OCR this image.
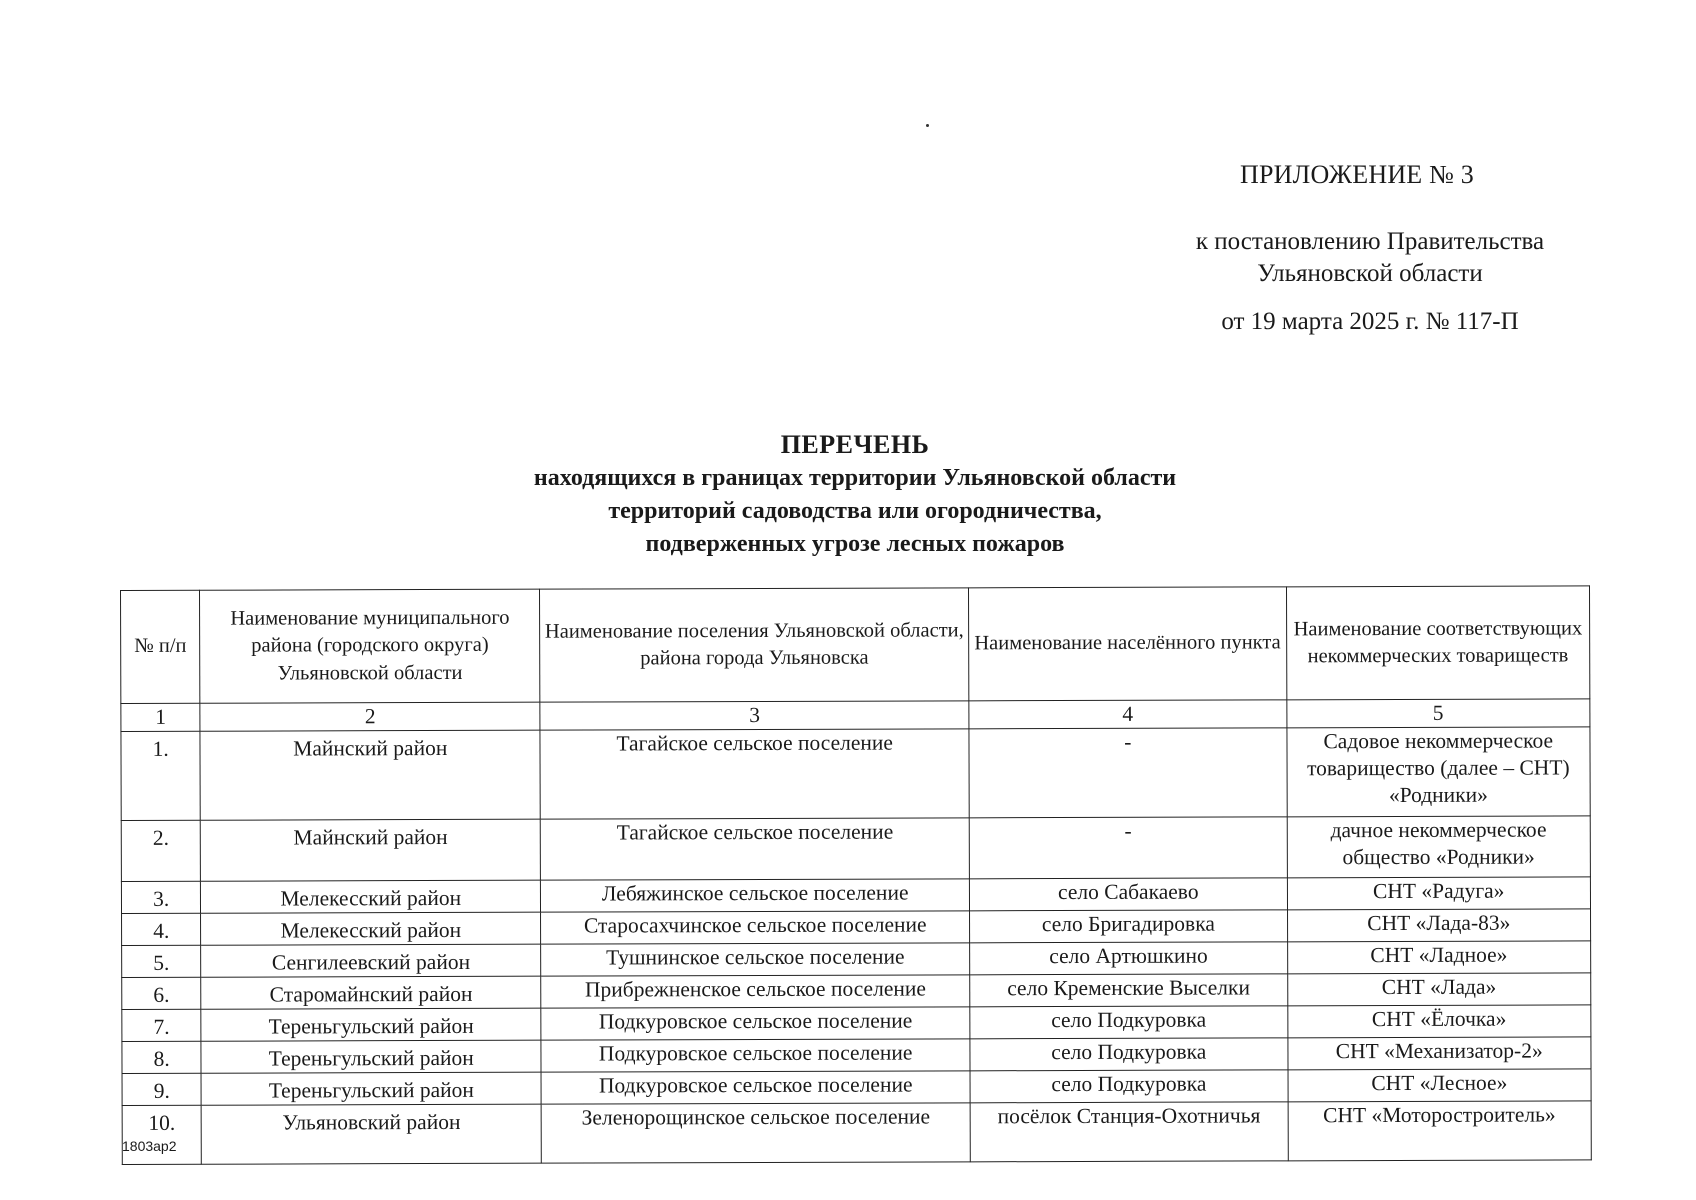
ПРИЛОЖЕНИЕ № 3
к постановлению Правительства
Ульяновской области
от 19 марта 2025 г. № 117-П
ПЕРЕЧЕНЬ
находящихся в границах территории Ульяновской области
территорий садоводства или огородничества,
подверженных угрозе лесных пожаров
№ п/п	Наименование муниципального района (городского округа) Ульяновской области	Наименование поселения Ульяновской области, района города Ульяновска	Наименование населённого пункта	Наименование соответствующих некоммерческих товариществ
1	2	3	4	5
1.	Майнский район	Тагайское сельское поселение	-	Садовое некоммерческое товарищество (далее – СНТ) «Родники»
2.	Майнский район	Тагайское сельское поселение	-	дачное некоммерческое общество «Родники»
3.	Мелекесский район	Лебяжинское сельское поселение	село Сабакаево	СНТ «Радуга»
4.	Мелекесский район	Старосахчинское сельское поселение	село Бригадировка	СНТ «Лада-83»
5.	Сенгилеевский район	Тушнинское сельское поселение	село Артюшкино	СНТ «Ладное»
6.	Старомайнский район	Прибрежненское сельское поселение	село Кременские Выселки	СНТ «Лада»
7.	Тереньгульский район	Подкуровское сельское поселение	село Подкуровка	СНТ «Ёлочка»
8.	Тереньгульский район	Подкуровское сельское поселение	село Подкуровка	СНТ «Механизатор-2»
9.	Тереньгульский район	Подкуровское сельское поселение	село Подкуровка	СНТ «Лесное»
10.	Ульяновский район	Зеленорощинское сельское поселение	посёлок Станция-Охотничья	СНТ «Моторостроитель»
1803ар2
